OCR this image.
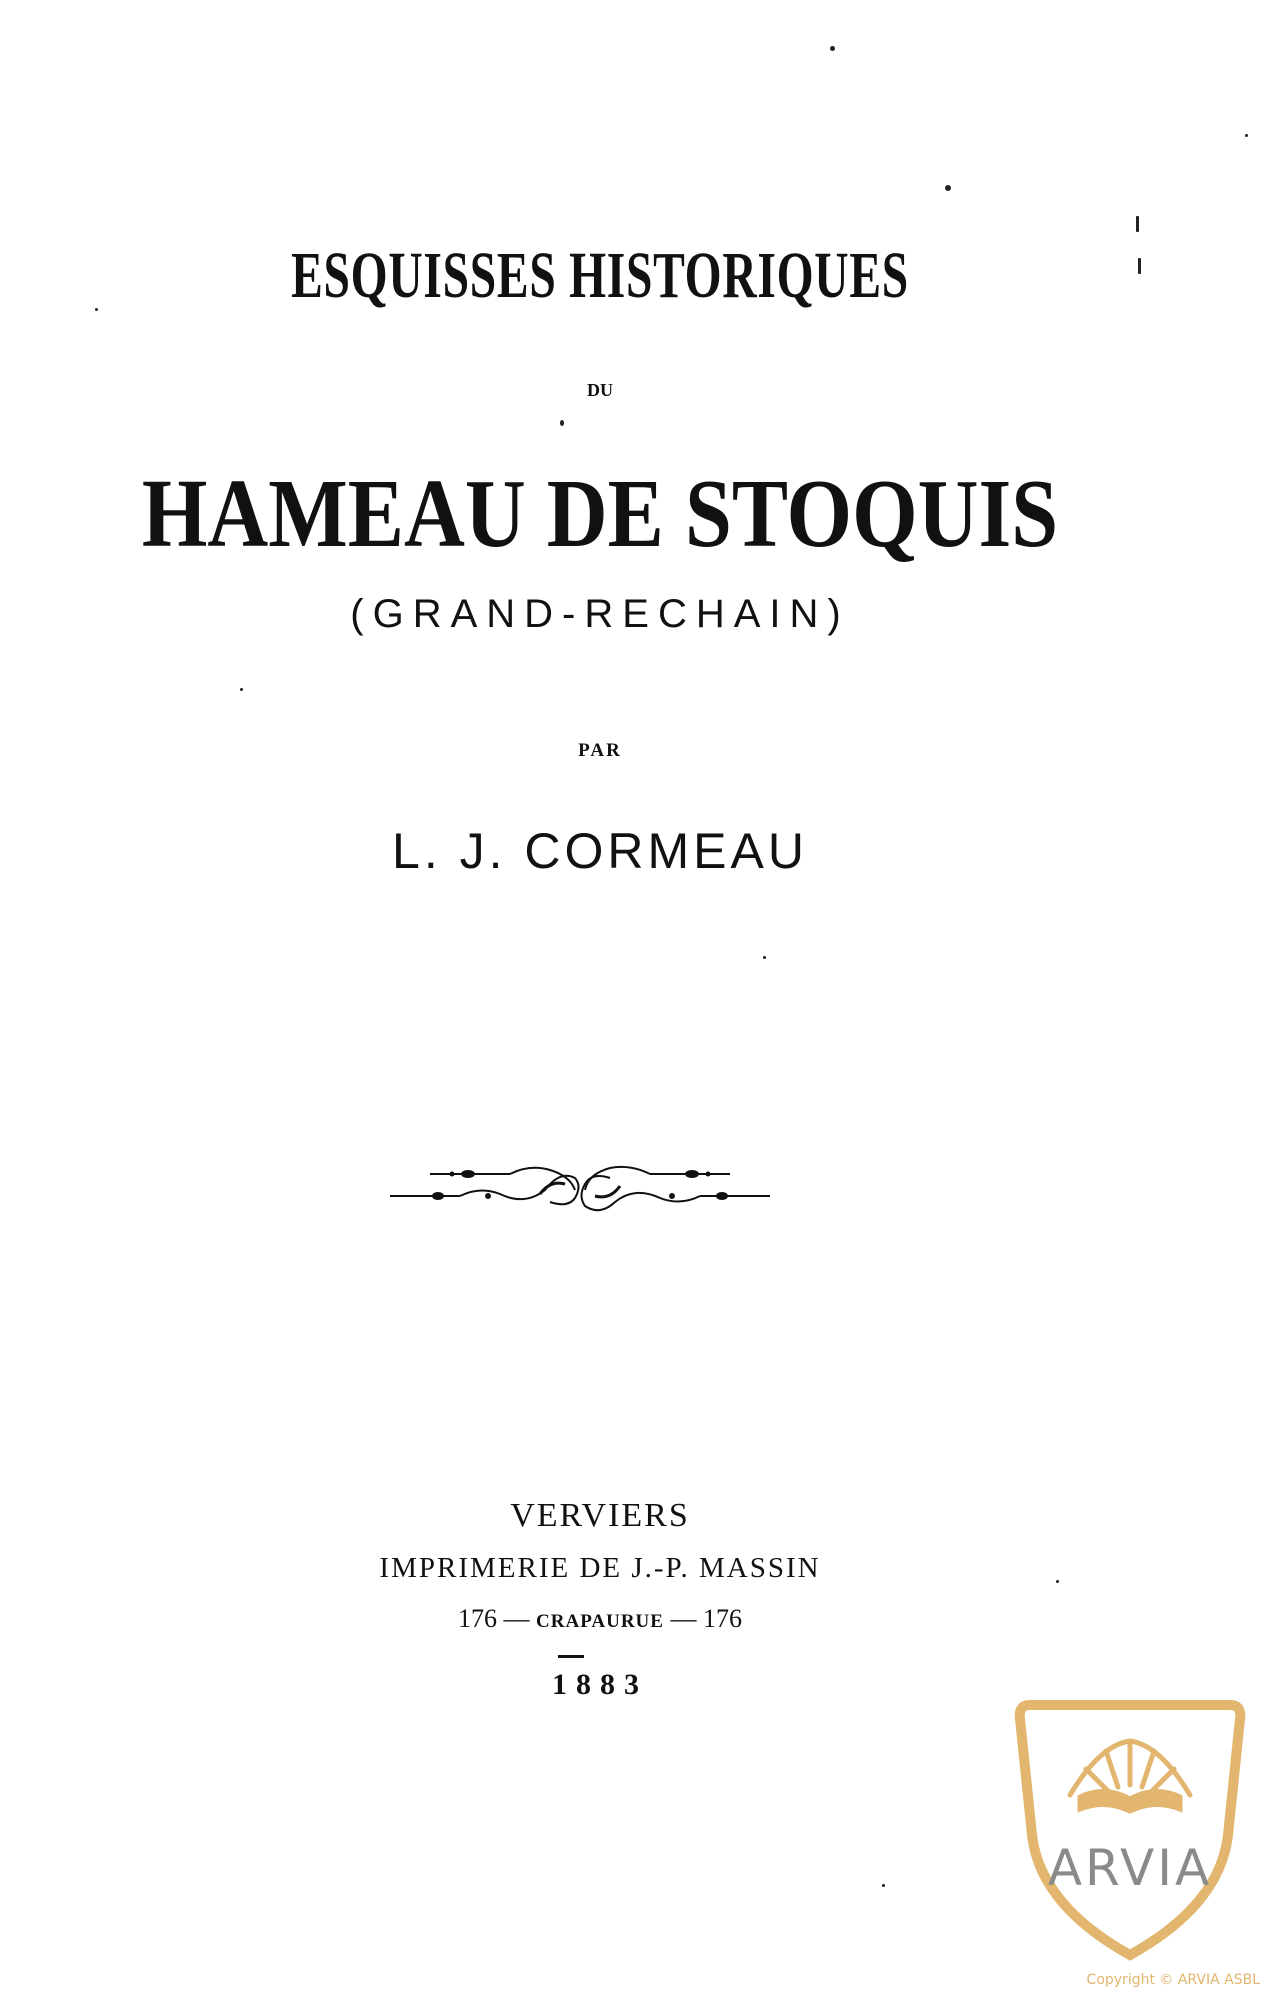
ESQUISSES HISTORIQUES
DU
HAMEAU DE STOQUIS
(GRAND-RECHAIN)
PAR
L. J. CORMEAU
VERVIERS
IMPRIMERIE DE J.-P. MASSIN
176 — CRAPAURUE — 176
1883
ARVIA
Copyright © ARVIA ASBL
